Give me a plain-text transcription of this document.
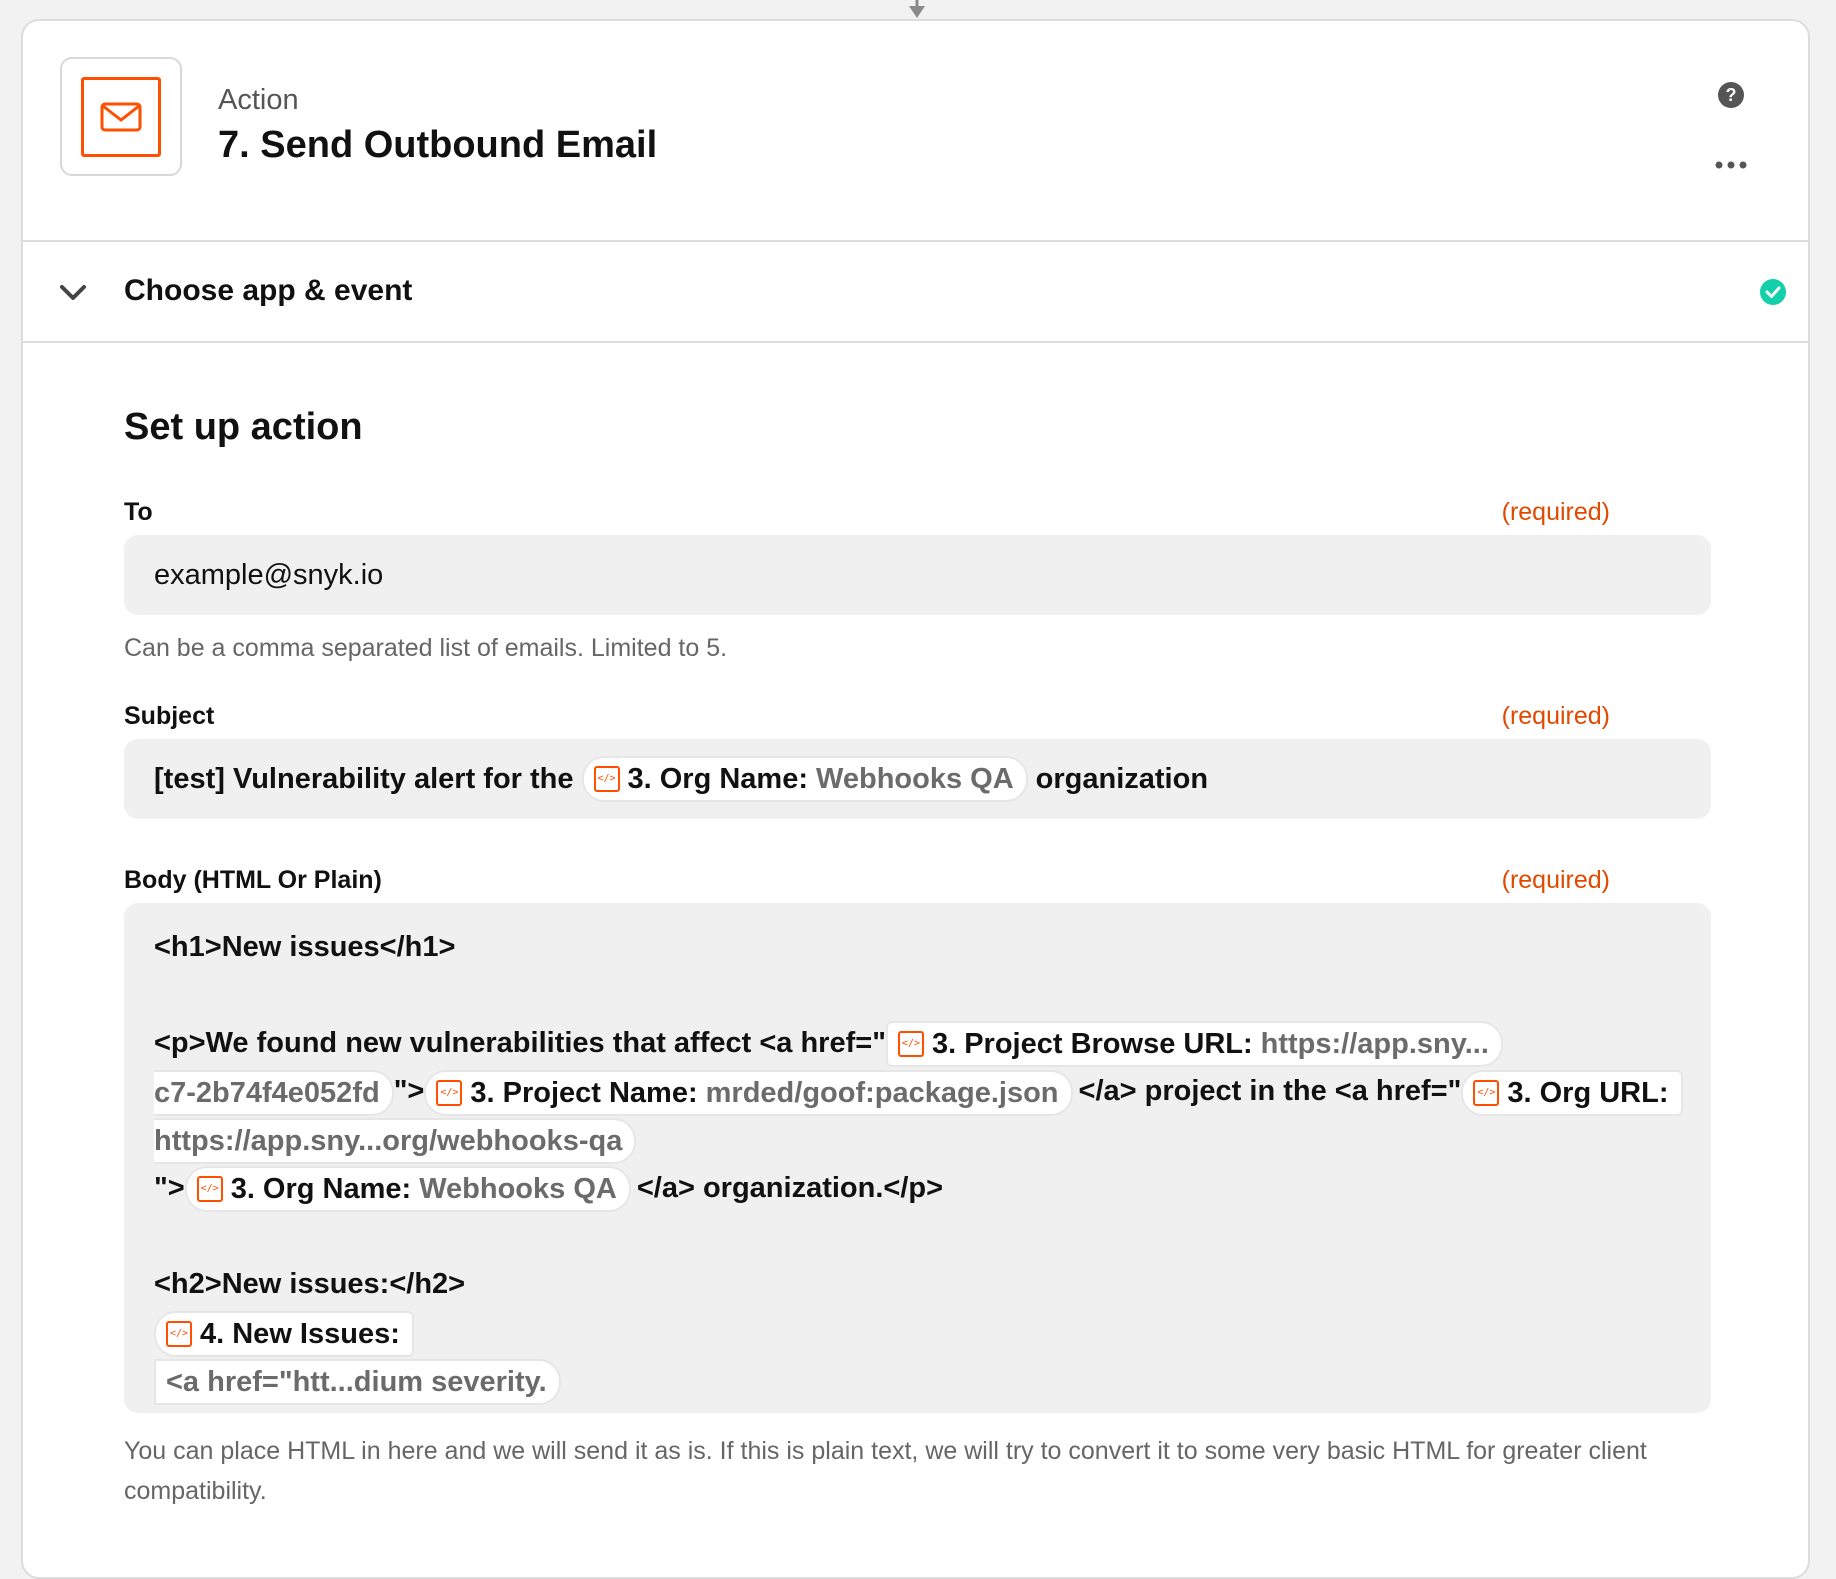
Action
7. Send Outbound Email
?
Choose app & event
Set up action
To	(required)
example@snyk.io
Can be a comma separated list of emails. Limited to 5.
Subject	(required)
[test] Vulnerability alert for the	</> 3. Org Name: Webhooks QA organization
Body (HTML Or Plain)	(required)
<h1>New issues</h1>
<p>We found new vulnerabilities that affect <a href="	</> 3. Project Browse URL: https://app.sny...
c7-2b74f4e052fd ">	</> 3. Project Name: mrded/goof:package.json </a> project in the <a href="	</> 3. Org URL:
https://app.sny...org/webhooks-qa
">	</> 3. Org Name: Webhooks QA </a> organization.</p>
<h2>New issues:</h2>
</> 4. New Issues:
<a href="htt...dium severity.
You can place HTML in here and we will send it as is. If this is plain text, we will try to convert it to some very basic HTML for greater client
compatibility.
